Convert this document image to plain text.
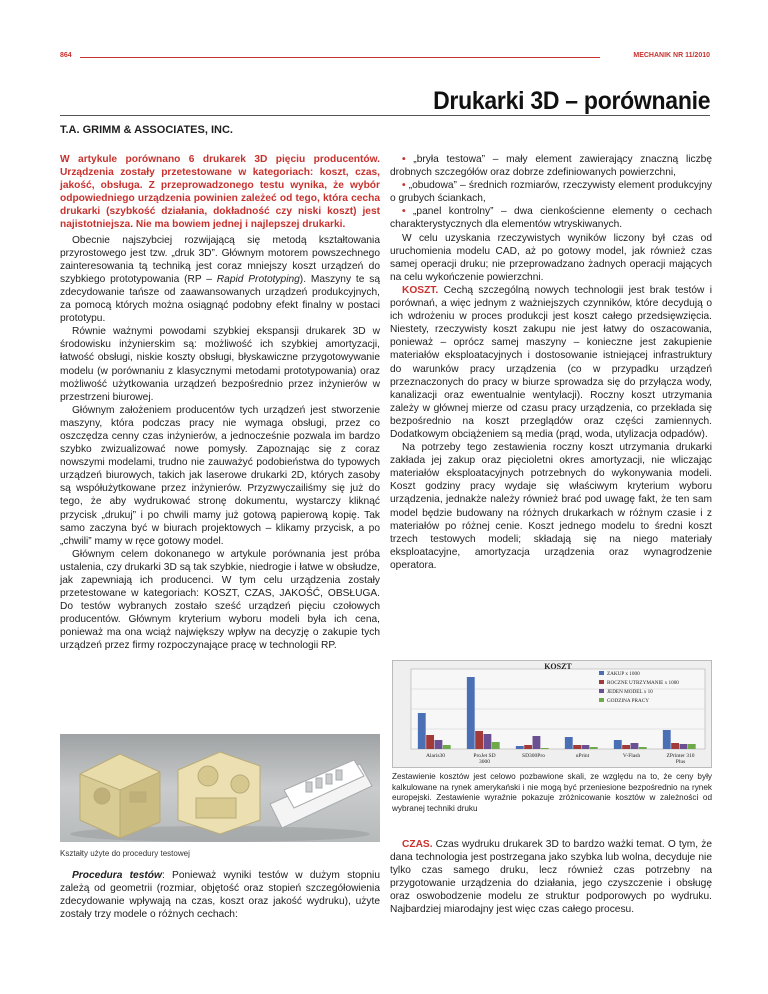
864	MECHANIK NR 11/2010
Drukarki 3D – porównanie
T.A. GRIMM & ASSOCIATES, INC.

W artykule porównano 6 drukarek 3D pięciu producentów. Urządzenia zostały przetestowane w kategoriach: koszt, czas, jakość, obsługa. Z przeprowadzonego testu wynika, że wybór odpowiedniego urządzenia powinien zależeć od tego, która cecha drukarki (szybkość działania, dokładność czy niski koszt) jest najistotniejsza. Nie ma bowiem jednej i najlepszej drukarki.

Obecnie najszybciej rozwijającą się metodą kształtowania przyrostowego jest tzw. „druk 3D”. Głównym motorem powszechnego zainteresowania tą techniką jest coraz mniejszy koszt urządzeń do szybkiego prototypowania (RP – Rapid Prototyping). Maszyny te są zdecydowanie tańsze od zaawansowanych urządzeń produkcyjnych, za pomocą których można osiągnąć podobny efekt finalny w postaci prototypu.

Równie ważnymi powodami szybkiej ekspansji drukarek 3D w środowisku inżynierskim są: możliwość ich szybkiej amortyzacji, łatwość obsługi, niskie koszty obsługi, błyskawiczne przygotowywanie modelu (w porównaniu z klasycznymi metodami prototypowania) oraz możliwość użytkowania urządzeń bezpośrednio przez inżynierów w przestrzeni biurowej.

Głównym założeniem producentów tych urządzeń jest stworzenie maszyny, która podczas pracy nie wymaga obsługi, przez co oszczędza cenny czas inżynierów, a jednocześnie pozwala im bardzo szybko zwizualizować nowe pomysły. Zapoznając się z coraz nowszymi modelami, trudno nie zauważyć podobieństwa do typowych urządzeń biurowych, takich jak laserowe drukarki 2D, których zasoby są współużytkowane przez inżynierów. Przyzwyczailiśmy się już do tego, że aby wydrukować stronę dokumentu, wystarczy kliknąć przycisk „drukuj” i po chwili mamy już gotową papierową kopię. Tak samo zaczyna być w biurach projektowych – klikamy przycisk, a po „chwili” mamy w ręce gotowy model.

Głównym celem dokonanego w artykule porównania jest próba ustalenia, czy drukarki 3D są tak szybkie, niedrogie i łatwe w obsłudze, jak zapewniają ich producenci. W tym celu urządzenia zostały przetestowane w kategoriach: KOSZT, CZAS, JAKOŚĆ, OBSŁUGA. Do testów wybranych zostało sześć urządzeń pięciu czołowych producentów. Głównym kryterium wyboru modeli była ich cena, ponieważ ma ona wciąż największy wpływ na decyzję o zakupie tych urządzeń przez firmy rozpoczynające pracę w technologii RP.

Kształty użyte do procedury testowej

Procedura testów: Ponieważ wyniki testów w dużym stopniu zależą od geometrii (rozmiar, objętość oraz stopień szczegółowienia zdecydowanie wpływają na czas, koszt oraz jakość wydruku), użyte zostały trzy modele o różnych cechach:

• „bryła testowa” – mały element zawierający znaczną liczbę drobnych szczegółów oraz dobrze zdefiniowanych powierzchni,

• „obudowa” – średnich rozmiarów, rzeczywisty element produkcyjny o grubych ściankach,

• „panel kontrolny” – dwa cienkościenne elementy o cechach charakterystycznych dla elementów wtryskiwanych.

W celu uzyskania rzeczywistych wyników liczony był czas od uruchomienia modelu CAD, aż po gotowy model, jak również czas samej operacji druku; nie przeprowadzano żadnych operacji mających na celu wykończenie powierzchni.

KOSZT. Cechą szczególną nowych technologii jest brak testów i porównań, a więc jednym z ważniejszych czynników, które decydują o ich wdrożeniu w proces produkcji jest koszt całego przedsięwzięcia. Niestety, rzeczywisty koszt zakupu nie jest łatwy do oszacowania, ponieważ – oprócz samej maszyny – konieczne jest zakupienie materiałów eksploatacyjnych i dostosowanie istniejącej infrastruktury do warunków pracy urządzenia (co w przypadku urządzeń przeznaczonych do pracy w biurze sprowadza się do przyłącza wody, kanalizacji oraz ewentualnie wentylacji). Roczny koszt utrzymania zależy w głównej mierze od czasu pracy urządzenia, co przekłada się bezpośrednio na koszt przeglądów oraz części zamiennych. Dodatkowym obciążeniem są media (prąd, woda, utylizacja odpadów).

Na potrzeby tego zestawienia roczny koszt utrzymania drukarki zakłada jej zakup oraz pięcioletni okres amortyzacji, nie wliczając materiałów eksploatacyjnych potrzebnych do wykonywania modeli. Koszt godziny pracy wydaje się właściwym kryterium wyboru urządzenia, jednakże należy również brać pod uwagę fakt, że ten sam model będzie budowany na różnych drukarkach w różnym czasie i z materiałów po różnej cenie. Koszt jednego modelu to średni koszt trzech testowych modeli; składają się na niego materiały eksploatacyjne, amortyzacja urządzenia oraz wynagrodzenie operatora.

KOSZT
Alaris30	ProJet SD 3000
SD300Pro	uPrint	V-Flash	ZPrinter 310 Plus
ZAKUP x 1000
ROCZNE UTRZYMANIE x 1000
JEDEN MODEL x 10
GODZINA PRACY
Zestawienie kosztów jest celowo pozbawione skali, ze względu na to, że ceny były kalkulowane na rynek amerykański i nie mogą być przeniesione bezpośrednio na rynek europejski. Zestawienie wyraźnie pokazuje zróżnicowanie kosztów w zależności od wybranej techniki druku

CZAS. Czas wydruku drukarek 3D to bardzo ważki temat. O tym, że dana technologia jest postrzegana jako szybka lub wolna, decyduje nie tylko czas samego druku, lecz również czas potrzebny na przygotowanie urządzenia do działania, jego czyszczenie i obsługę oraz oswobodzenie modelu ze struktur podporowych po wydruku. Najbardziej miarodajny jest więc czas całego procesu.
